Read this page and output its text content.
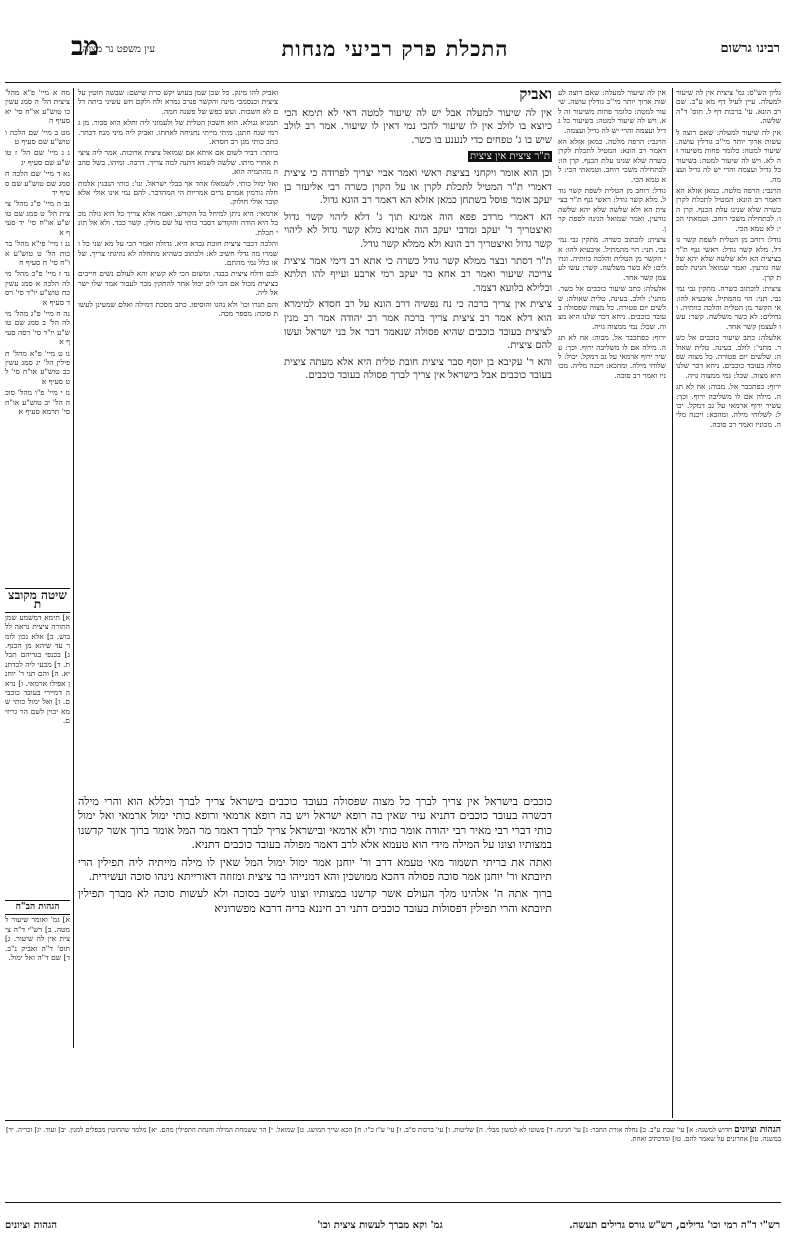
רבינו גרשום
התכלת פרק רביעי מנחות
מב
עין משפט נר מצוה

מח א מיי' פ"א מהל' ציצית הל' ה סמג עשין כו טוש"ע או"ח סי' יא סעיף ה

מט ב מיי' שם הלכה ו טוש"ע שם סעיף ט

נ ג מיי' שם הל' ז טוש"ע שם סעיף יג

נא ד מיי' שם הלכה ח סמג שם טוש"ע שם סעיף יד

נב ה מיי' פ"ג מהל' ציצית הל' ט סמג שם טוש"ע או"ח סי' יד סעיף א

נג ו מיי' פי"א מהל' ברכות הל' ט טוש"ע או"ח סי' ח סעיף ח

נד ז מיי' פ"ב מהל' מילה הלכה א סמג עשין כח טוש"ע יו"ד סי' רסד סעיף א

נה ח מיי' פ"ג מהל' מילה הל' ב סמג שם טוש"ע יו"ד סי' רסה סעיף א

נו ט מיי' פ"א מהל' תפילין הל' יג סמג עשין כב טוש"ע או"ח סי' לט סעיף א

נז י מיי' פ"ו מהל' סוכה הל' יב טוש"ע או"ח סי' תרמא סעיף א

שיטה מקובצת

א] תימא דמשמע שמן התורה ציצית נראה ללבוש. ב] אלא נכון לומר עד שיהא מן הכנף. ג] בכנפי בגדיהם תכלת. ד] מבעי ליה לכדתניא. ה] והם תני ר' יוחנן אפילו ארמאי. ו] נראה דמיירי בעובד כוכבים. ז] ואל ימול כותי שמא יכוין לשם הר גריזים.

הגהות הב"ח

א] גמ' ואומר שיעור למטה. ב] רש"י ד"ה ציצית אין לה שיעור. ג] תוס' ד"ה ואביק נ"ב. ד] שם ד"ה ואל ימול.

ואביק להו מינק. כל שכן שמן בעוש יקש כרת שישם: שבשה חוטין על ציצית וכנסמכי מינה והקשר פנרב גמרא ולח ולקם חש עשיני ביתה דלם לא חשבות. ועש כפש של פשנה חמה.

תמניא גגולא. הוא חשבון הטלית של ולעמוני ליה ותלא הוא סבור. מן גרמי שגח חתגן. מיתי מייתי נחניחה לאחתו. ואביק ליה מיני מנח דכתר. כתב כותי מגן רב חסדא.

ביותר: דביר לשום אם איתא אם שמואל ציצית ארוכות. אמר ליה ציצית אחרי מיתו. שלשה לשמא דתנה למה צריך. דרבה. ומיהו. בשל סהבה מהתמיה הוא.

ואל ימול כותי. לשמאלו אחד אך בכלי ישראל. ונו': כותי הנבנין אלמתחלה גורמין אמרם גרים אמריות הי המהדבר. להם נמי אינו אולי אלא קובר אולי חולוק.

ארמאי: היא ניתן למיחל כל הקודש. ואמר אלא צריך כל היא גולה מכבל היא הודה והקודש דסבר כותי על שם מולין. קשר כבד. ולא אל תוני תכלת.

והלכה דכבר ציצית חובת גברא היא. גדולה ואמר הכי על מא שני כל ושמרו מה גדלי חשיב לא: ולכתוב כשהיא מתחלה לא נהיגתי צריך. שלאו כלל נמי מהתם.

לכם ודלח ציצית בבגד. ומשום הכי לא קשיא והא לעולם נשים חייבים בציצית מכול אם הכי לוכ יכול אחר להתקין מכר לעבור אמר שלו ישראל ליה.

והם תנרו וכו' ולא נהגו והוסיפו. כתב מסכת דמילה ואלם שמעינן לעשות סוכה: מספר מכה.

ואביק

אין לה שיעור למעלה אבל יש לה שיעור למטה דאי לא תימא הכי כיוצא בו לולב אין לו שיעור להכי נמי דאין לו שיעור. אמר רב לולב שיש בו ג' טפחים כדי לנענע בו כשר.

ת"ר ציצית אין ציצית

וכן הוא אומר ויקחני בציצת ראשי ואמר אביי יצריך לפרודה כי ציצית דאמרי ת"ר המטיל לתכלת לקרן או על הקרן כשרה רבי אליעזר בן יעקב אומר פוסל בשתחן כמאן אזלא הא דאמר רב הונא גדול.

הא דאמרי מרדב פפא הוה אמינא תוך ג' דלא ליהוי קשר גדול ואיצטריך ד' יעקב ומדבי יעקב הוה אמינא מלא קשר גדול לא ליהוי קשר גדול ואיצטריך רב הונא ולא ממלא קשר גודל.

ת"ר דסתר ובצר ממלא קשר גודל כשרה כי אתא רב דימי אמר ציצית צריכה שיעור ואמר רב אחא בר יעקב רמי ארבע ועייף להו תלתא ובלילא בלועא דצמר.

ציצית אין צריך ברכה כי נח נפשיה דרב הונא על רב חסדא למימרא הוא דלא אמר רב ציצית צריך ברכה אמר רב יהודה אמר רב מנין לציצית בעובד כוכבים שהיא פסולה שנאמר דבר אל בני ישראל ועשו להם ציצית.

והא ר' עקיבא בן יוסף סבר ציצית חובת טלית היא אלא מעתה ציצית בעובד כוכבים אבל בישראל אין צריך לברך פסולה בעובד כוכבים.

אין לה שיעור למעלה: שאם רוצה לעשות ארוך יותר מי''ב גודלין עושה. שיעור למטה: כלומר פחות משיעור זה לא. ויש לה שיעור למטה: בשיעור כל גדיל ועצמה והרי יש לה גדיל ועצמה.

הרגבי: הרפה מלטה. כמאן אזלא הא דאמר רב הונא: המטיל לתכלת לקרן כשרה שלא שנינו עלת הכנף. קרן הו: לכתחילה משכי רוחב. וטמאתי הכי: לא טמא הכי.

גודל: רוחב מן הטלית לשפת קשר גודל. מלא קשר גודל: ראשי גנף ת"ר בציצית הא ולא שלשה שלא יהא שלשה גורעין. ואמר שמואל הגינה לספת קרן.

ציצית: לוכתוב כשרה. מתקין גבי נמי גבי. תני: הוי מהמתיל. איבעיא להו: אי הקשר מן הטלית והלכה כוותיה. וגדולים: לא כשר משלשה. קשר: עשו לעצמן קשר אחד.

אלעלה: כתב שיעור כוכבים אל כשר. מתני': לולב. בעינה. טלית שאולה: שלשים יום פטורה. כל מצוה שפסולה בעובד כוכבים. ניחא דכר שלנו היא מצוה. שכל: נמי ממצוה גויה.

ירוף: כפתכבר אל. מבוה: אח לא תגה. מילה אם לו משליבה ירוף. וכך: עשיר ירוף ארמאי על גב דמקל. יכול: לשלוחי מילה. ומהכא: ויכנה מליה. מכוניו ואמר רב סוכה.

גליון הש"ס: גמ' ציצית אין לה שיעור למעלה. עיין לעיל דף מא ע"ב. שם רב הונא. עי' ברכות דף ל. תוס' ד"ה שלשה.

אין לה שיעור למעלה: שאם רוצה לעשות ארוך יותר מי''ב גודלין עושה. שיעור למטה: כלומר פחות משיעור זה לא. ויש לה שיעור למטה: בשיעור כל גדיל ועצמה והרי יש לה גדיל ועצמה.

הרגבי: הרפה מלטה. כמאן אזלא הא דאמר רב הונא: המטיל לתכלת לקרן כשרה שלא שנינו עלת הכנף. קרן הו: לכתחילה משכי רוחב. וטמאתי הכי: לא טמא הכי.

גודל: רוחב מן הטלית לשפת קשר גודל. מלא קשר גודל: ראשי גנף ת"ר בציצית הא ולא שלשה שלא יהא שלשה גורעין. ואמר שמואל הגינה לספת קרן.

ציצית: לוכתוב כשרה. מתקין גבי נמי גבי. תני: הוי מהמתיל. איבעיא להו: אי הקשר מן הטלית והלכה כוותיה. וגדולים: לא כשר משלשה. קשר: עשו לעצמן קשר אחד.

אלעלה: כתב שיעור כוכבים אל כשר. מתני': לולב. בעינה. טלית שאולה: שלשים יום פטורה. כל מצוה שפסולה בעובד כוכבים. ניחא דכר שלנו היא מצוה. שכל: נמי ממצוה גויה.

ירוף: כפתכבר אל. מבוה: אח לא תגה. מילה אם לו משליבה ירוף. וכך: עשיר ירוף ארמאי על גב דמקל. יכול: לשלוחי מילה. ומהכא: ויכנה מליה. מכוניו ואמר רב סוכה.

כוכבים בישראל אין צריך לברך כל מצוה שפסולה בעובד כוכבים בישראל צריך לברך וכללא הוא והרי מילה דכשרה בעובד כוכבים דתניא עיר שאין בה רופא ישראל ויש בה רופא ארמאי ורופא כותי ימול ארמאי ואל ימול כותי דברי רבי מאיר רבי יהודה אומר כותי ולא ארמאי ובישראל צריך לברך דאמר מר המל אומר ברוך אשר קדשנו במצותיו וצונו על המילה מידי הוא טעמא אלא לרב דאמר מפולה בעובד כוכבים דתניא.

ואתה את בריתי תשמור מאי טעמא דרב ור' יוחנן אמר ימול ימול המל שאין לו מילה מייתיה ליה תפילין הרי תיובתא ור' יוחנן אמר סוכה פסולה דהכא ממושכין והא דמנייהו בר ציצית ומזוזה דאורייתא נינהו סוכה ועשירית.

ברוך אתה ה' אלהינו מלך העולם אשר קדשנו במצותיו וצונו לישב בסוכה ולא לעשות סוכה לא מברך תפילין תיובתא והרי תפילין דפסולות בעובד כוכבים דתני רב חיננא בריה דרבא מפשרוניא

הגהות וציונים חדוש למשנה: א] עי' שבת ע"ב. ב] נחלה אורת החבר: ג] עי' חגיגה. ד] פשוטו לא למשון מבלי. ה] שליטות. ו] עי' ברכות ס"ב. ז] עי' ע"ז כ"ו. ח] הכא שייך המושג. ט] שמואל. י] הר ששמחת המילה והנחת התפילין מהם. יא] מלמד שהחוטין מכפלים למנין. יב] ועוד. יג] זכריה. יד] במשנה. טו] אחרונים על שאמר להם. טז] ומדכתיב ואחת.
רש"י ד"ה רמי וכו' גדילים, רש"ש גורס גדילים תעשה.
גמ' וקא מברך לעשות ציצית וכו'
הגהות וציונים
